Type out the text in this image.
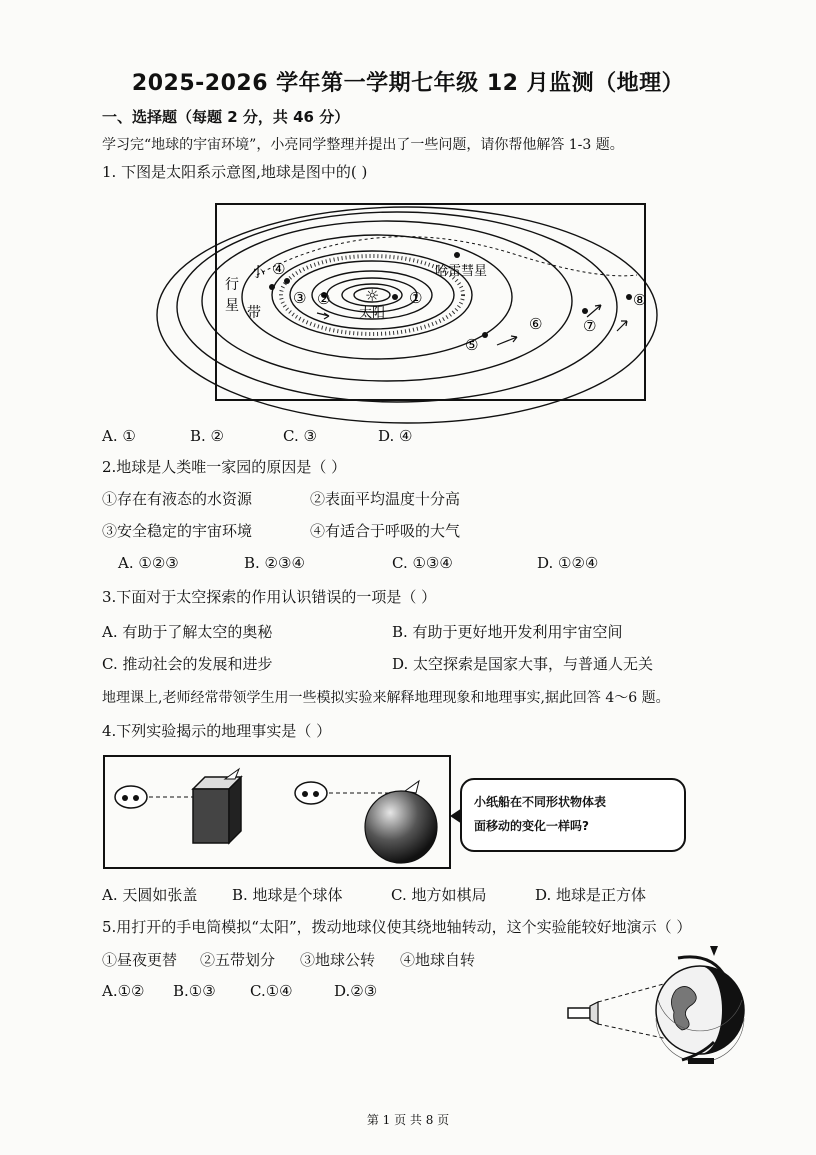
2025-2026 学年第一学期七年级 12 月监测（地理）
一、选择题（每题 2 分，共 46 分）
学习完“地球的宇宙环境”，小亮同学整理并提出了一些问题，请你帮他解答 1-3 题。
1. 下图是太阳系示意图,地球是图中的( )
☼
太阳
哈雷彗星
行
星
小
带
①
②
③
④
⑤
⑥	⑦
⑧
A. ①	B. ②	C. ③	D. ④
2.地球是人类唯一家园的原因是（ ）
①存在有液态的水资源	②表面平均温度十分高
③安全稳定的宇宙环境	④有适合于呼吸的大气
A. ①②③	B. ②③④	C. ①③④	D. ①②④
3.下面对于太空探索的作用认识错误的一项是（ ）
A. 有助于了解太空的奥秘	B. 有助于更好地开发利用宇宙空间
C. 推动社会的发展和进步	D. 太空探索是国家大事，与普通人无关
地理课上,老师经常带领学生用一些模拟实验来解释地理现象和地理事实,据此回答 4～6 题。
4.下列实验揭示的地理事实是（ ）
小纸船在不同形状物体表
面移动的变化一样吗?
A. 天圆如张盖 B. 地球是个球体	C. 地方如棋局	D. 地球是正方体
5.用打开的手电筒模拟“太阳”，拨动地球仪使其绕地轴转动，这个实验能较好地演示（ ）
①昼夜更替 ②五带划分 ③地球公转 ④地球自转
A.①② B.①③ C.①④	D.②③
第 1 页 共 8 页
